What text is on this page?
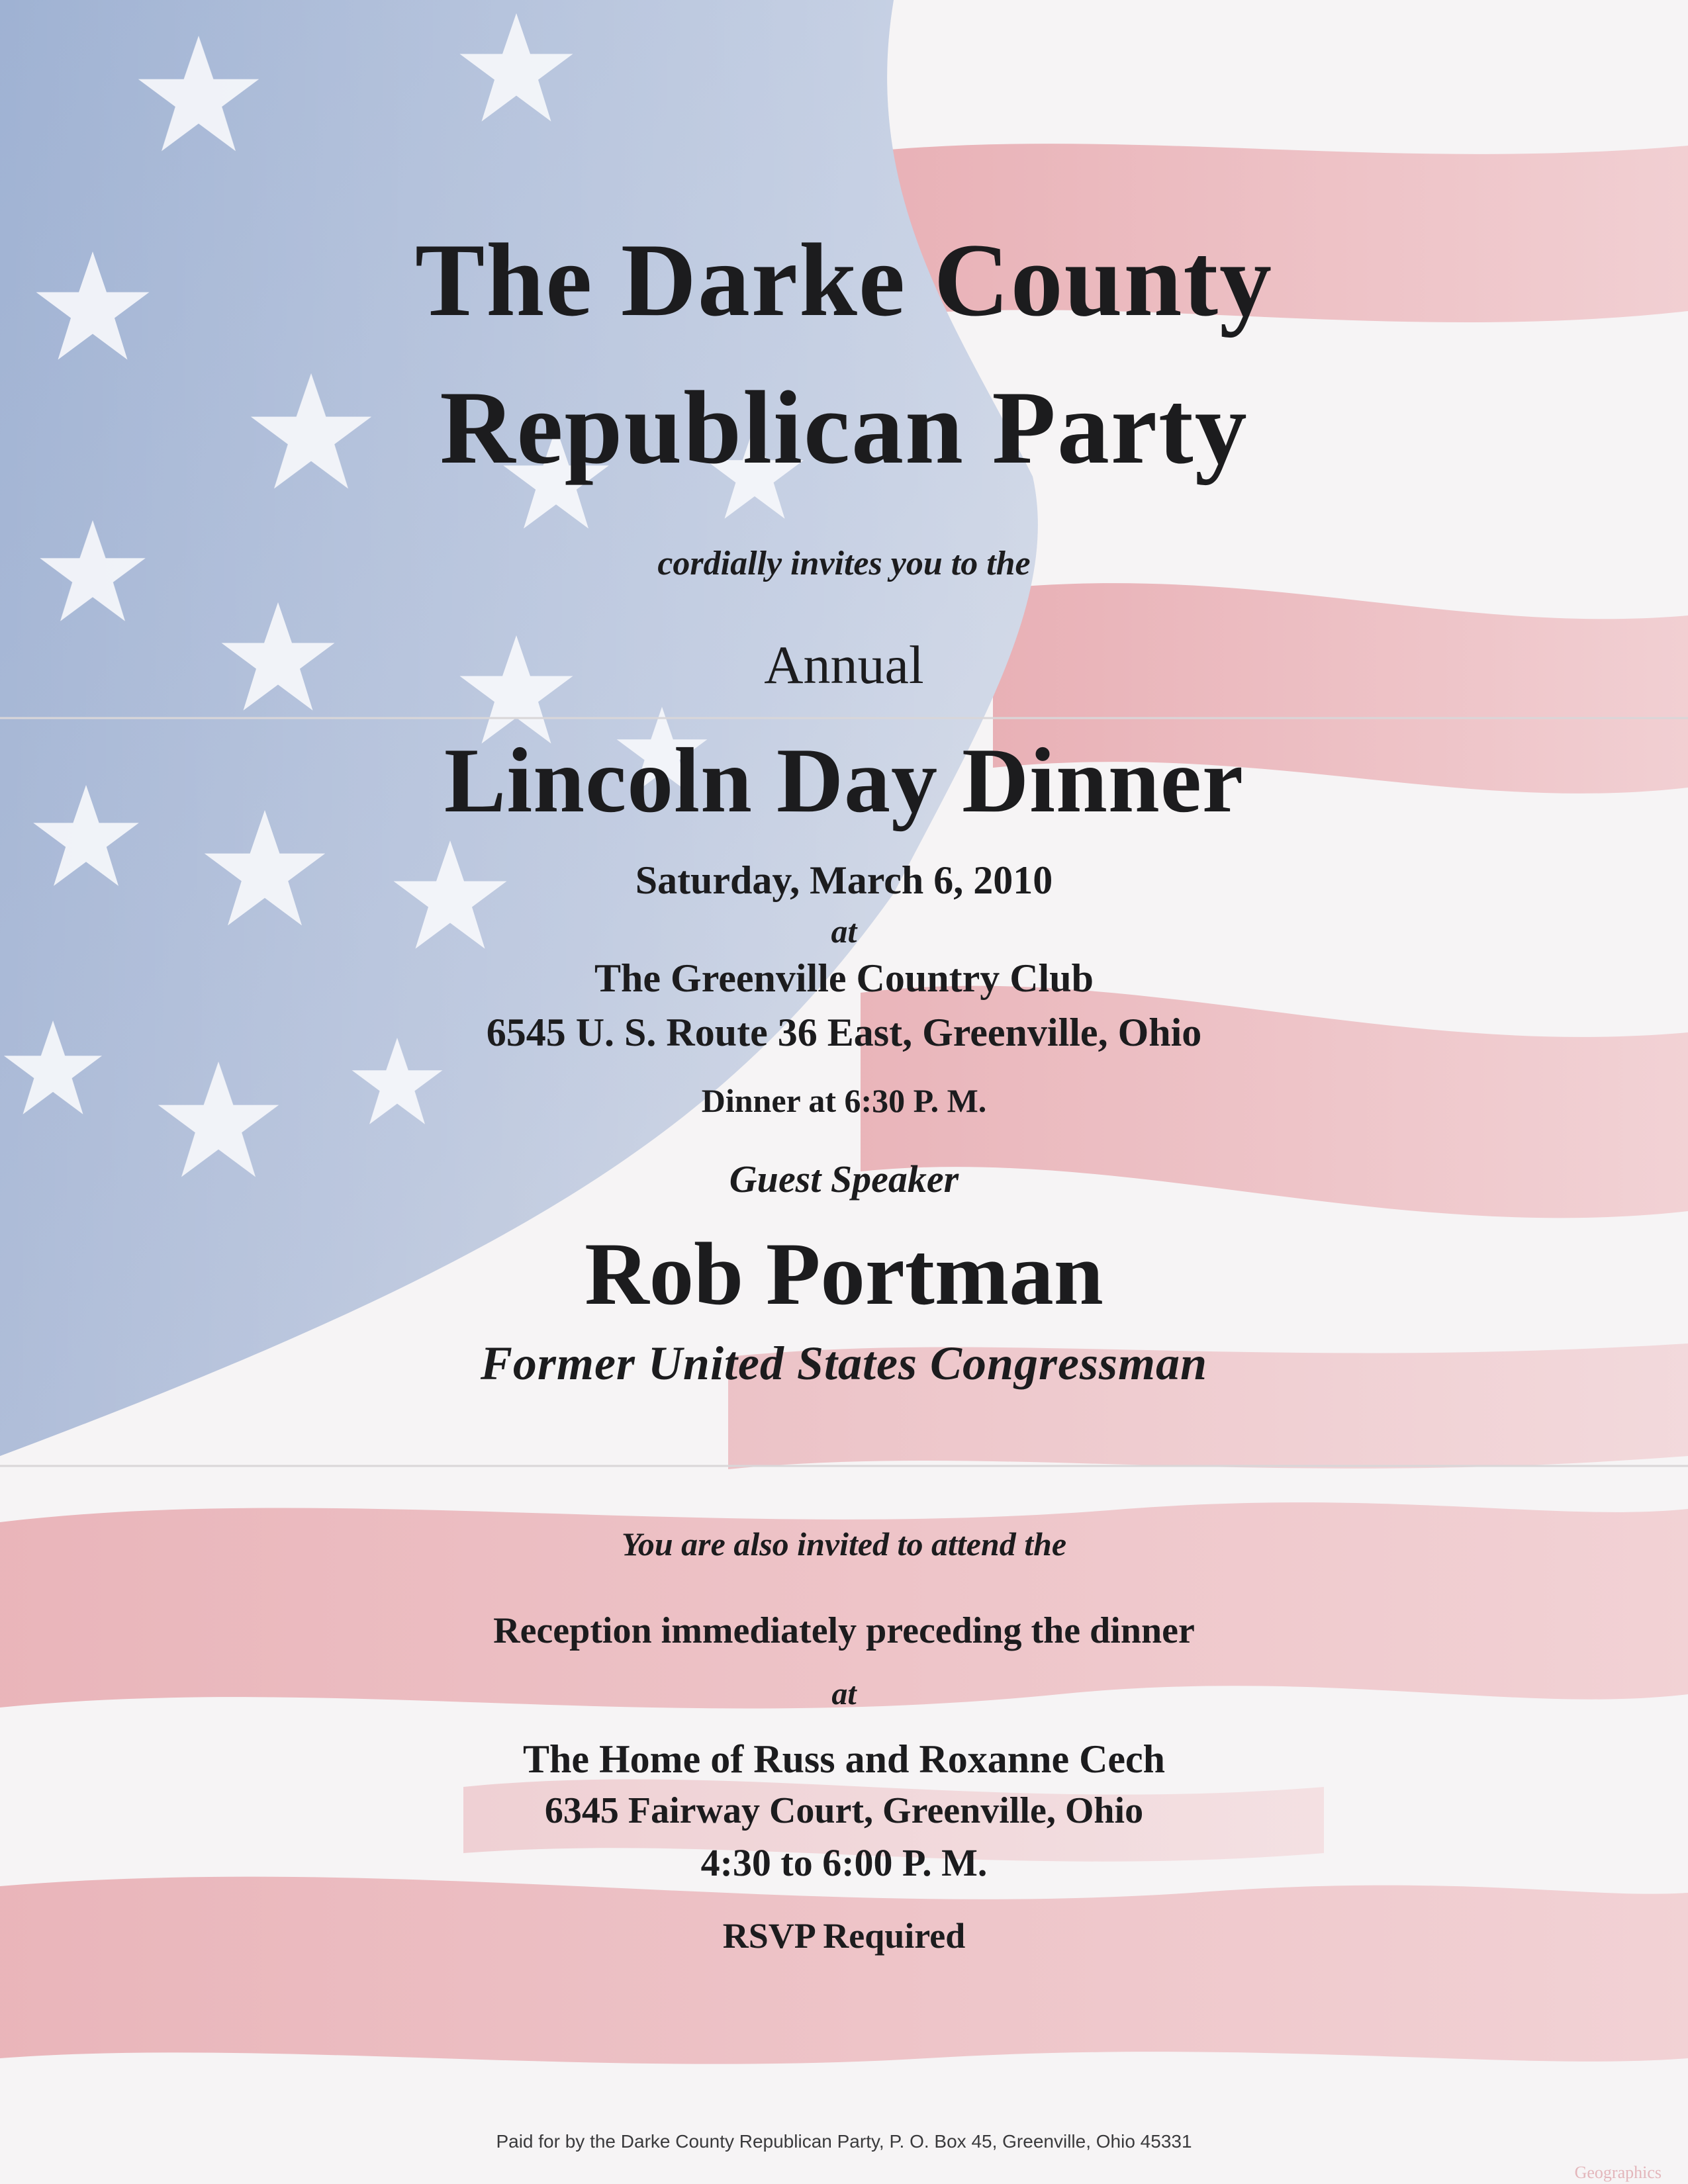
The Darke County
Republican Party
cordially invites you to the
Annual
Lincoln Day Dinner
Saturday, March 6, 2010
at
The Greenville Country Club
6545 U. S. Route 36 East, Greenville, Ohio
Dinner at 6:30 P. M.
Guest Speaker
Rob Portman
Former United States Congressman
You are also invited to attend the
Reception immediately preceding the dinner
at
The Home of Russ and Roxanne Cech
6345 Fairway Court, Greenville, Ohio
4:30 to 6:00 P. M.
RSVP Required
Paid for by the Darke County Republican Party, P. O. Box 45, Greenville, Ohio 45331
Geographics
